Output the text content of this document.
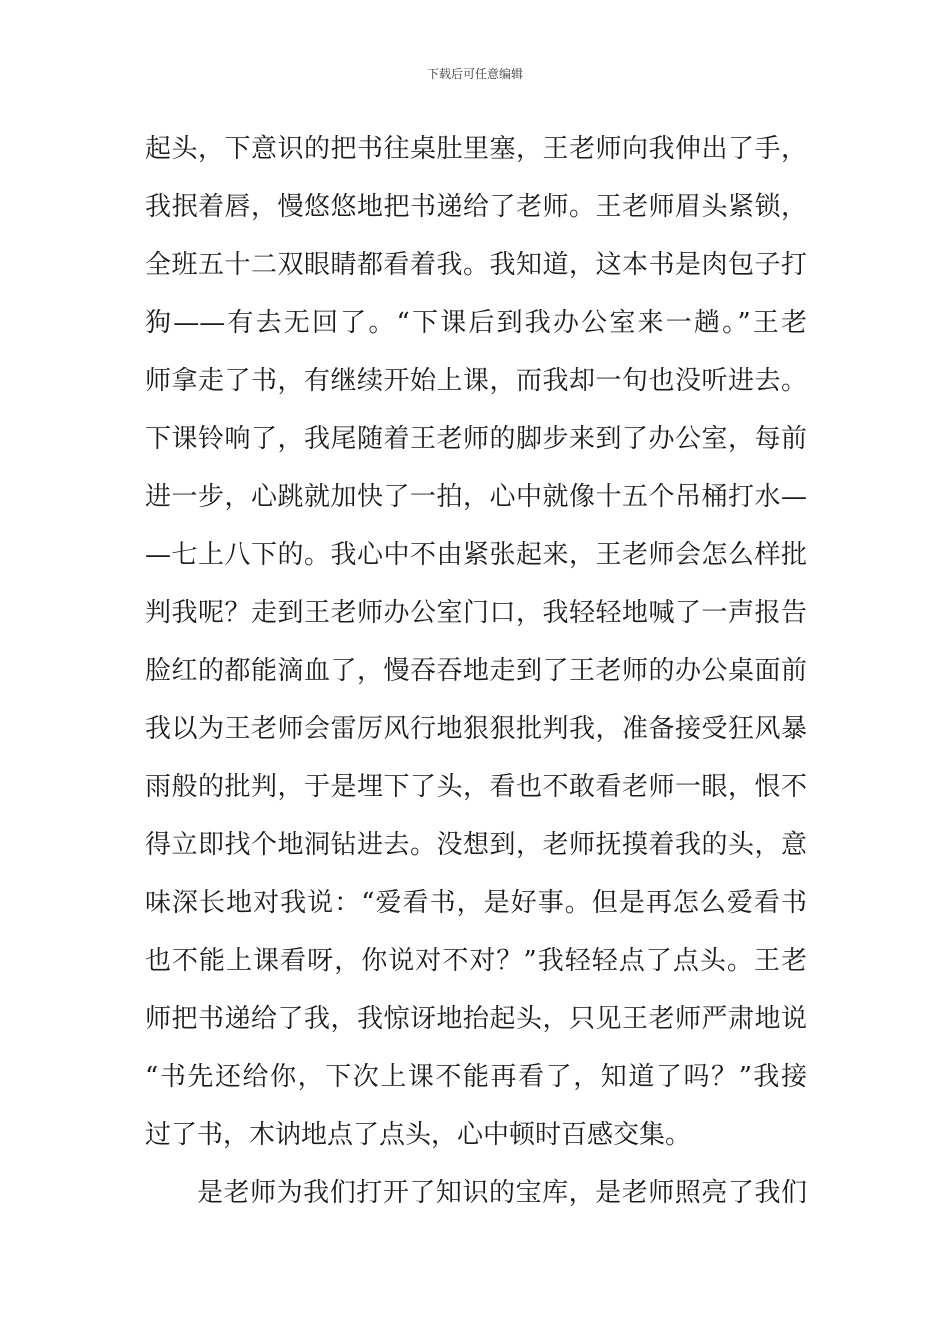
下载后可任意编辑
起头，下意识的把书往桌肚里塞，王老师向我伸出了手，
我抿着唇，慢悠悠地把书递给了老师。王老师眉头紧锁，
全班五十二双眼睛都看着我。我知道，这本书是肉包子打
狗——有去无回了。“下课后到我办公室来一趟。”王老
师拿走了书，有继续开始上课，而我却一句也没听进去。
下课铃响了，我尾随着王老师的脚步来到了办公室，每前
进一步，心跳就加快了一拍，心中就像十五个吊桶打水—
—七上八下的。我心中不由紧张起来，王老师会怎么样批
判我呢？走到王老师办公室门口，我轻轻地喊了一声报告
脸红的都能滴血了，慢吞吞地走到了王老师的办公桌面前
我以为王老师会雷厉风行地狠狠批判我，准备接受狂风暴
雨般的批判，于是埋下了头，看也不敢看老师一眼，恨不
得立即找个地洞钻进去。没想到，老师抚摸着我的头，意
味深长地对我说：“爱看书，是好事。但是再怎么爱看书
也不能上课看呀，你说对不对？”我轻轻点了点头。王老
师把书递给了我，我惊讶地抬起头，只见王老师严肃地说
“书先还给你，下次上课不能再看了，知道了吗？”我接
过了书，木讷地点了点头，心中顿时百感交集。
是老师为我们打开了知识的宝库，是老师照亮了我们
